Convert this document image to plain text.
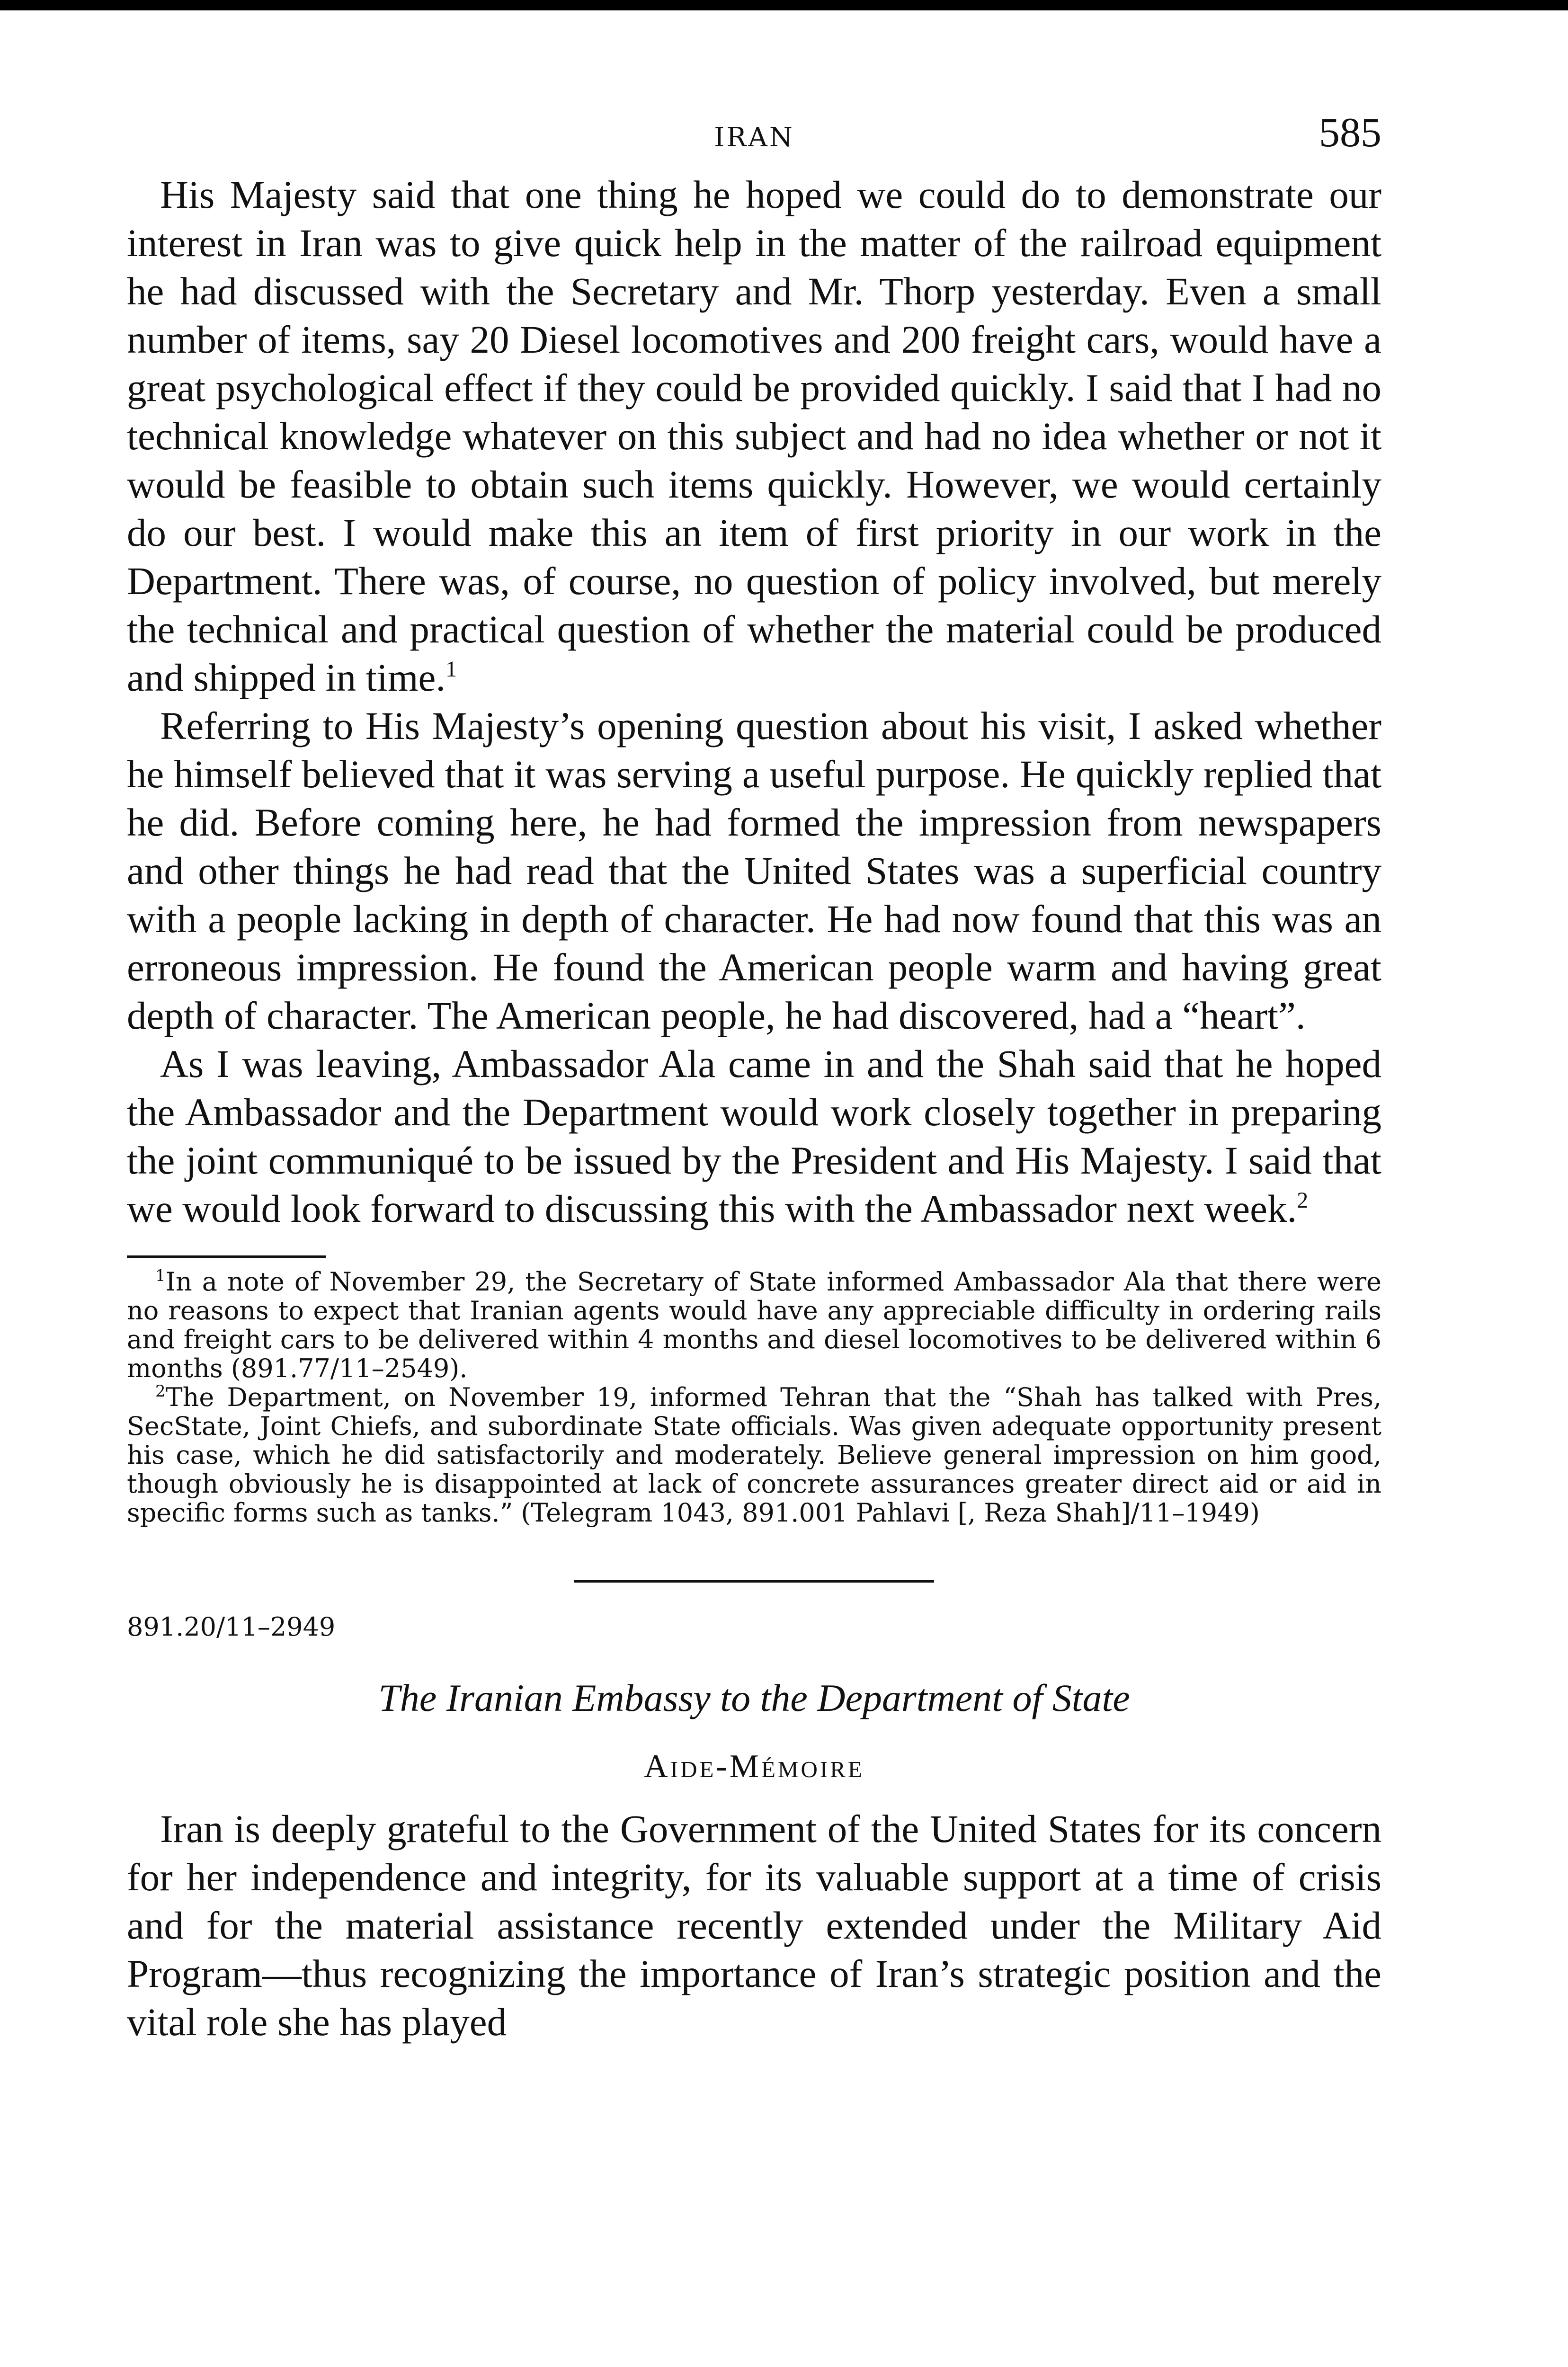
IRAN	585

His Majesty said that one thing he hoped we could do to demonstrate our interest in Iran was to give quick help in the matter of the railroad equipment he had discussed with the Secretary and Mr. Thorp yesterday. Even a small number of items, say 20 Diesel locomotives and 200 freight cars, would have a great psychological effect if they could be provided quickly. I said that I had no technical knowledge whatever on this subject and had no idea whether or not it would be feasible to obtain such items quickly. However, we would certainly do our best. I would make this an item of first priority in our work in the Department. There was, of course, no question of policy involved, but merely the technical and practical question of whether the material could be produced and shipped in time.$^1$

Referring to His Majesty’s opening question about his visit, I asked whether he himself believed that it was serving a useful purpose. He quickly replied that he did. Before coming here, he had formed the impression from newspapers and other things he had read that the United States was a superficial country with a people lacking in depth of character. He had now found that this was an erroneous impression. He found the American people warm and having great depth of character. The American people, he had discovered, had a “heart”.

As I was leaving, Ambassador Ala came in and the Shah said that he hoped the Ambassador and the Department would work closely together in preparing the joint communiqué to be issued by the President and His Majesty. I said that we would look forward to discussing this with the Ambassador next week.$^2$

$^1$In a note of November 29, the Secretary of State informed Ambassador Ala that there were no reasons to expect that Iranian agents would have any appreciable difficulty in ordering rails and freight cars to be delivered within 4 months and diesel locomotives to be delivered within 6 months (891.77/11–2549).

$^2$The Department, on November 19, informed Tehran that the “Shah has talked with Pres, SecState, Joint Chiefs, and subordinate State officials. Was given adequate opportunity present his case, which he did satisfactorily and moderately. Believe general impression on him good, though obviously he is disappointed at lack of concrete assurances greater direct aid or aid in specific forms such as tanks.” (Telegram 1043, 891.001 Pahlavi [, Reza Shah]/11–1949)

891.20/11–2949

The Iranian Embassy to the Department of State

Aide-Mémoire

Iran is deeply grateful to the Government of the United States for its concern for her independence and integrity, for its valuable support at a time of crisis and for the material assistance recently extended under the Military Aid Program—thus recognizing the importance of Iran’s strategic position and the vital role she has played
